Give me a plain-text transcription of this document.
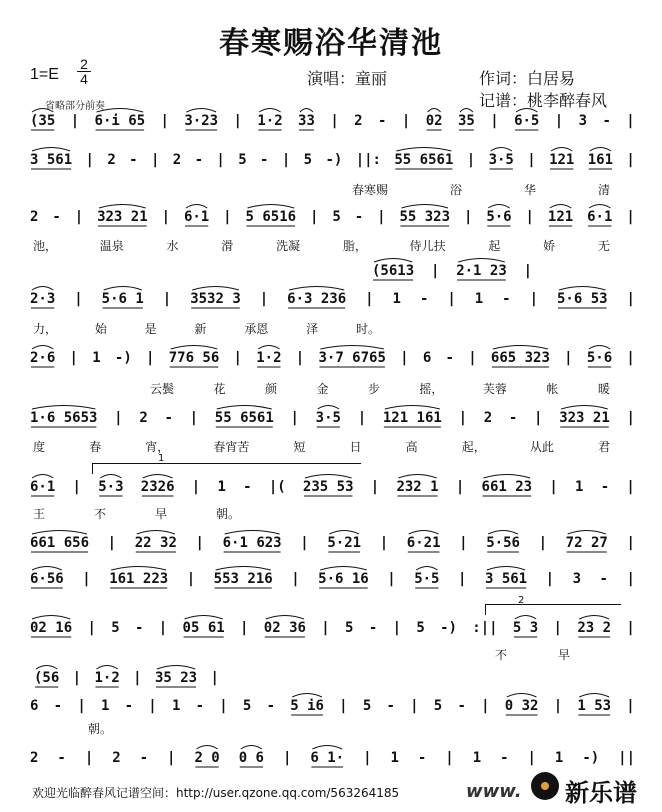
春寒赐浴华清池
1=E
2
4	演唱：童丽	作词：白居易
记谱：桃李醉春风
省略部分前奏
(35 | 6·i 65 | 3·23 | 1·2 33 | 2 - | 02 35 | 6·5 | 3 - |
3 561 | 2 - | 2 - | 5 - | 5 -) ||: 55 6561 | 3·5 | 121 161 |
2 - | 323 21 | 6·1 | 5 6516 | 5 - | 55 323 | 5·6 | 121 6·1 |
2·3 | 5·6 1 | 3532 3 | 6·3 236 | 1 - | 1 - | 5·6 53 |
2·6 | 1 -) | 776 56 | 1·2 | 3·7 6765 | 6 - | 665 323 | 5·6 |
1·6 5653 | 2 - | 55 6561 | 3·5 | 121 161 | 2 - | 323 21 |
6·1 | 5·3 2326 | 1 - |( 235 53 | 232 1 | 661 23 | 1 - |
661 656 | 22 32 | 6·1 623 | 5·21 | 6·21 | 5·56 | 72 27 |
6·56 | 161 223 | 553 216 | 5·6 16 | 5·5 | 3 561 | 3 - |
02 16 | 5 - | 05 61 | 02 36 | 5 - | 5 -) :|| 5 3 | 23 2 |
6 - | 1 - | 1 - | 5 - 5 i6 | 5 - | 5 - | 0 32 | 1 53 |
2 - | 2 - | 2 0 0 6 | 6 1· | 1 - | 1 - | 1 -) ||
(5613 | 2·1 23 |
(56 | 1·2 | 35 23 |
春寒赐	浴	华	清
池，	温泉	水	滑	洗凝	脂，	侍儿扶	起	娇	无
力，	始	是	新	承恩	泽	时。
云鬓	花	颜	金	步	摇，	芙蓉	帐	暖
度	春	宵，	春宵苦	短	日	高	起，	从此	君
王	不	早	朝。
不	早
朝。
1
2
欢迎光临醉春风记谱空间：http://user.qzone.qq.com/563264185	www. 新乐谱
